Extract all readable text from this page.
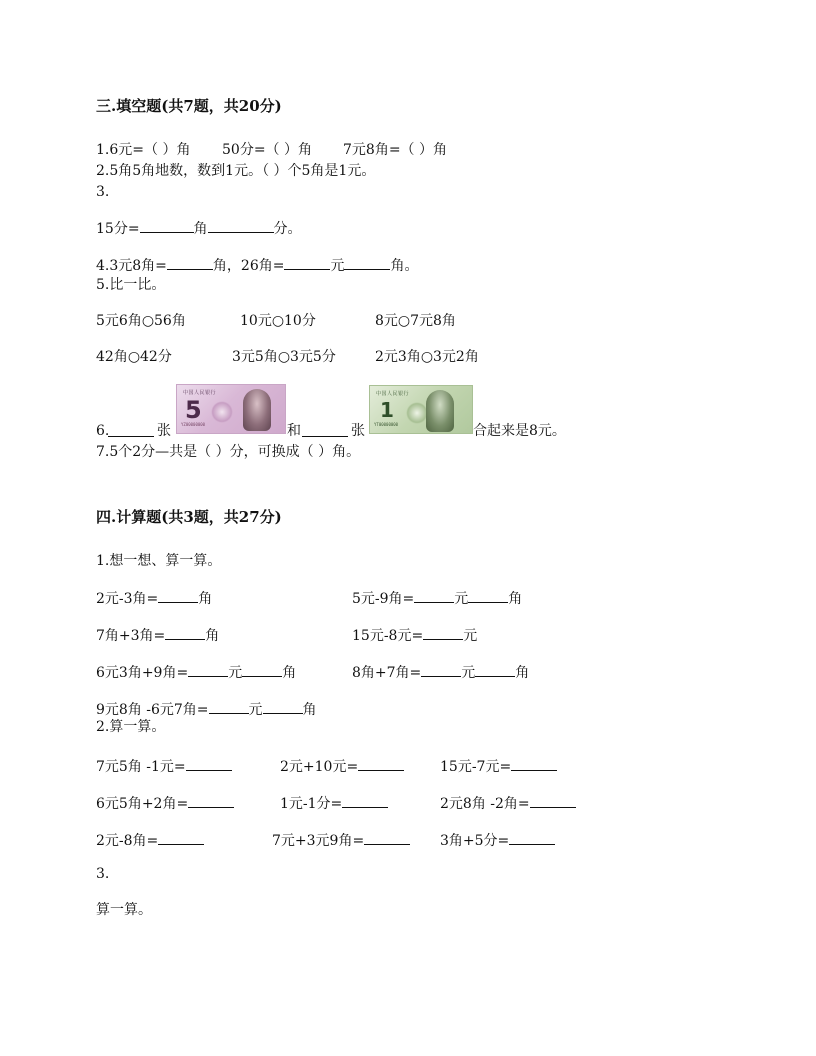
三.填空题(共7题，共20分)
1.6元=（ ）角 50分=（ ）角 7元8角=（ ）角
2.5角5角地数，数到1元。（ ）个5角是1元。
3.
15分=	角	分。
4.3元8角=	角，26角=	元	角。
5.比一比。
5元6角○56角	10元○10分	8元○7元8角
42角○42分	3元5角○3元5分	2元3角○3元2角
中国人民银行
5
YZ00000000
中国人民银行
1
YT00000000
6.	张	和	张	合起来是8元。
7.5个2分—共是（ ）分，可换成（ ）角。
四.计算题(共3题，共27分)
1.想一想、算一算。
2元-3角=	角	5元-9角=	元	角
7角+3角=	角	15元-8元=	元
6元3角+9角=	元	角	8角+7角=	元	角
9元8角 -6元7角=	元	角
2.算一算。
7元5角 -1元=	2元+10元=	15元-7元=
6元5角+2角=	1元-1分=	2元8角 -2角=
2元-8角=	7元+3元9角=	3角+5分=
3.
算一算。
